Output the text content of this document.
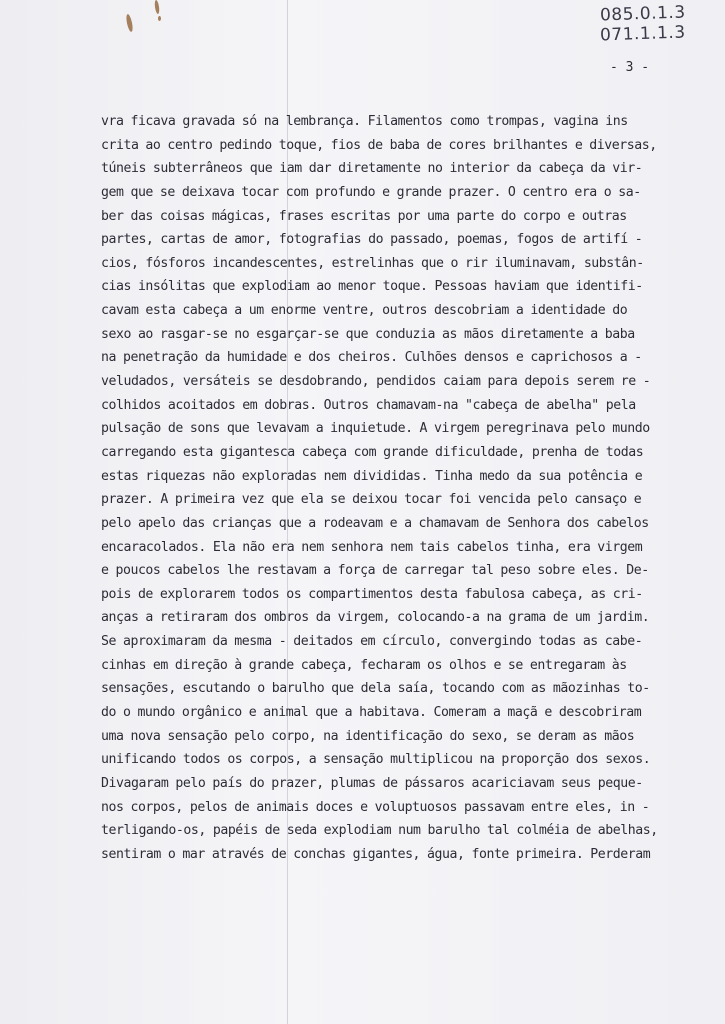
085.0.1.3
071.1.1.3
- 3 -
vra ficava gravada só na lembrança. Filamentos como trompas, vagina ins
crita ao centro pedindo toque, fios de baba de cores brilhantes e diversas,
túneis subterrâneos que iam dar diretamente no interior da cabeça da vir-
gem que se deixava tocar com profundo e grande prazer. O centro era o sa-
ber das coisas mágicas, frases escritas por uma parte do corpo e outras
partes, cartas de amor, fotografias do passado, poemas, fogos de artifí -
cios, fósforos incandescentes, estrelinhas que o rir iluminavam, substân-
cias insólitas que explodiam ao menor toque. Pessoas haviam que identifi-
cavam esta cabeça a um enorme ventre, outros descobriam a identidade do
sexo ao rasgar-se no esgarçar-se que conduzia as mãos diretamente a baba
na penetração da humidade e dos cheiros. Culhões densos e caprichosos a -
veludados, versáteis se desdobrando, pendidos caiam para depois serem re -
colhidos acoitados em dobras. Outros chamavam-na "cabeça de abelha" pela
pulsação de sons que levavam a inquietude. A virgem peregrinava pelo mundo
carregando esta gigantesca cabeça com grande dificuldade, prenha de todas
estas riquezas não exploradas nem divididas. Tinha medo da sua potência e
prazer. A primeira vez que ela se deixou tocar foi vencida pelo cansaço e
pelo apelo das crianças que a rodeavam e a chamavam de Senhora dos cabelos
encaracolados. Ela não era nem senhora nem tais cabelos tinha, era virgem
e poucos cabelos lhe restavam a força de carregar tal peso sobre eles. De-
pois de explorarem todos os compartimentos desta fabulosa cabeça, as cri-
anças a retiraram dos ombros da virgem, colocando-a na grama de um jardim.
Se aproximaram da mesma - deitados em círculo, convergindo todas as cabe-
cinhas em direção à grande cabeça, fecharam os olhos e se entregaram às
sensações, escutando o barulho que dela saía, tocando com as mãozinhas to-
do o mundo orgânico e animal que a habitava. Comeram a maçã e descobriram
uma nova sensação pelo corpo, na identificação do sexo, se deram as mãos
unificando todos os corpos, a sensação multiplicou na proporção dos sexos.
Divagaram pelo país do prazer, plumas de pássaros acariciavam seus peque-
nos corpos, pelos de animais doces e voluptuosos passavam entre eles, in -
terligando-os, papéis de seda explodiam num barulho tal colméia de abelhas,
sentiram o mar através de conchas gigantes, água, fonte primeira. Perderam
